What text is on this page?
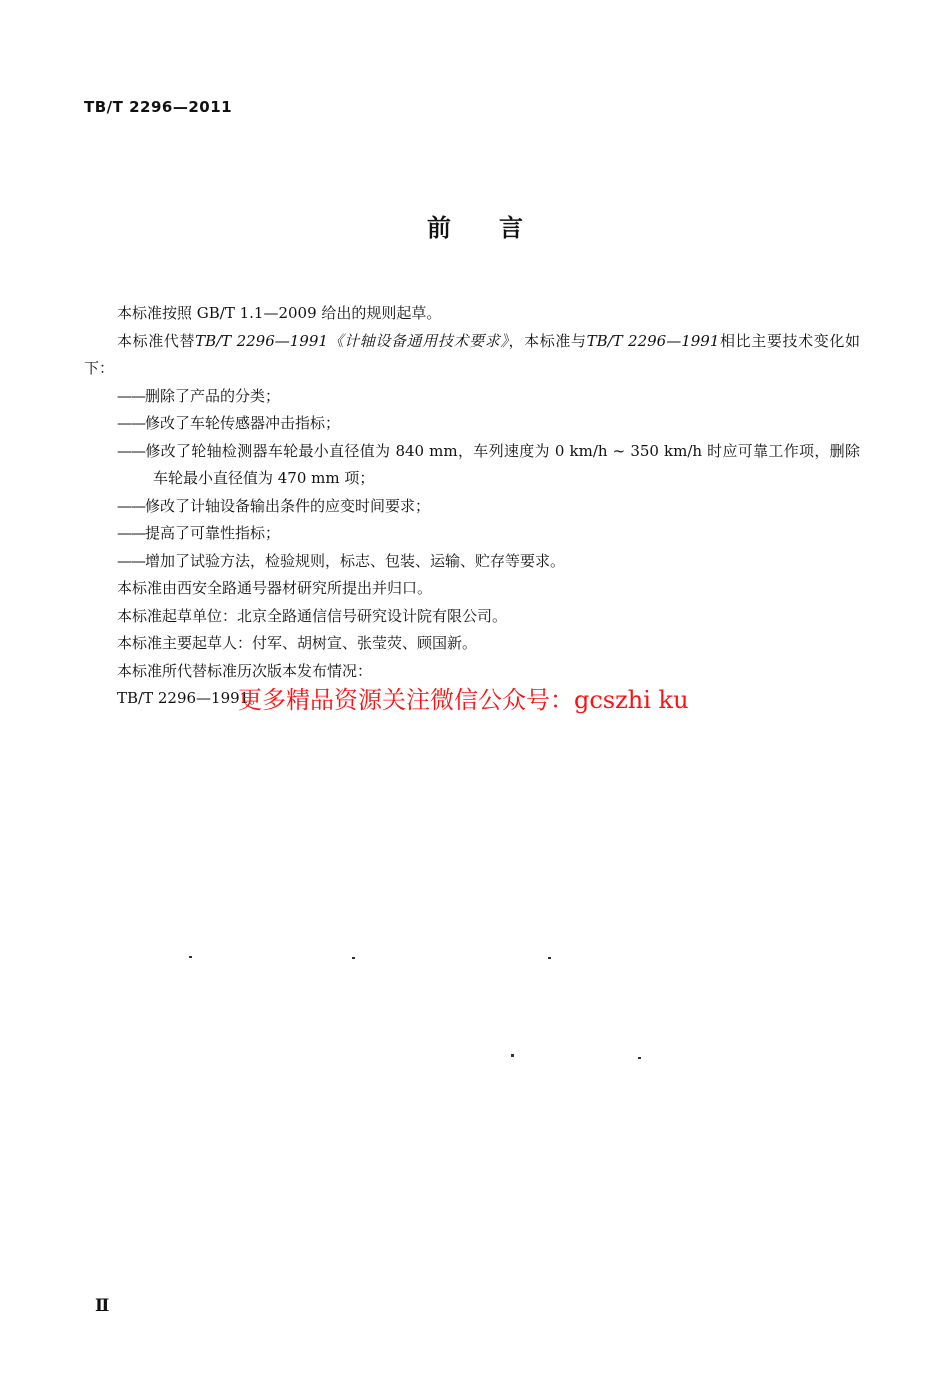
TB/T 2296—2011
前言

本标准按照 GB/T 1.1—2009 给出的规则起草。

本标准代替TB/T 2296—1991《计轴设备通用技术要求》，本标准与TB/T 2296—1991相比主要技术变化如下：

——删除了产品的分类；

——修改了车轮传感器冲击指标；

——修改了轮轴检测器车轮最小直径值为 840 mm，车列速度为 0 km/h ~ 350 km/h 时应可靠工作项，删除车轮最小直径值为 470 mm 项；

——修改了计轴设备输出条件的应变时间要求；

——提高了可靠性指标；

——增加了试验方法，检验规则，标志、包装、运输、贮存等要求。

本标准由西安全路通号器材研究所提出并归口。

本标准起草单位：北京全路通信信号研究设计院有限公司。

本标准主要起草人：付军、胡树宣、张莹荧、顾国新。

本标准所代替标准历次版本发布情况：

TB/T 2296—1991。

更多精品资源关注微信公众号：gcszhi ku
Ⅱ
